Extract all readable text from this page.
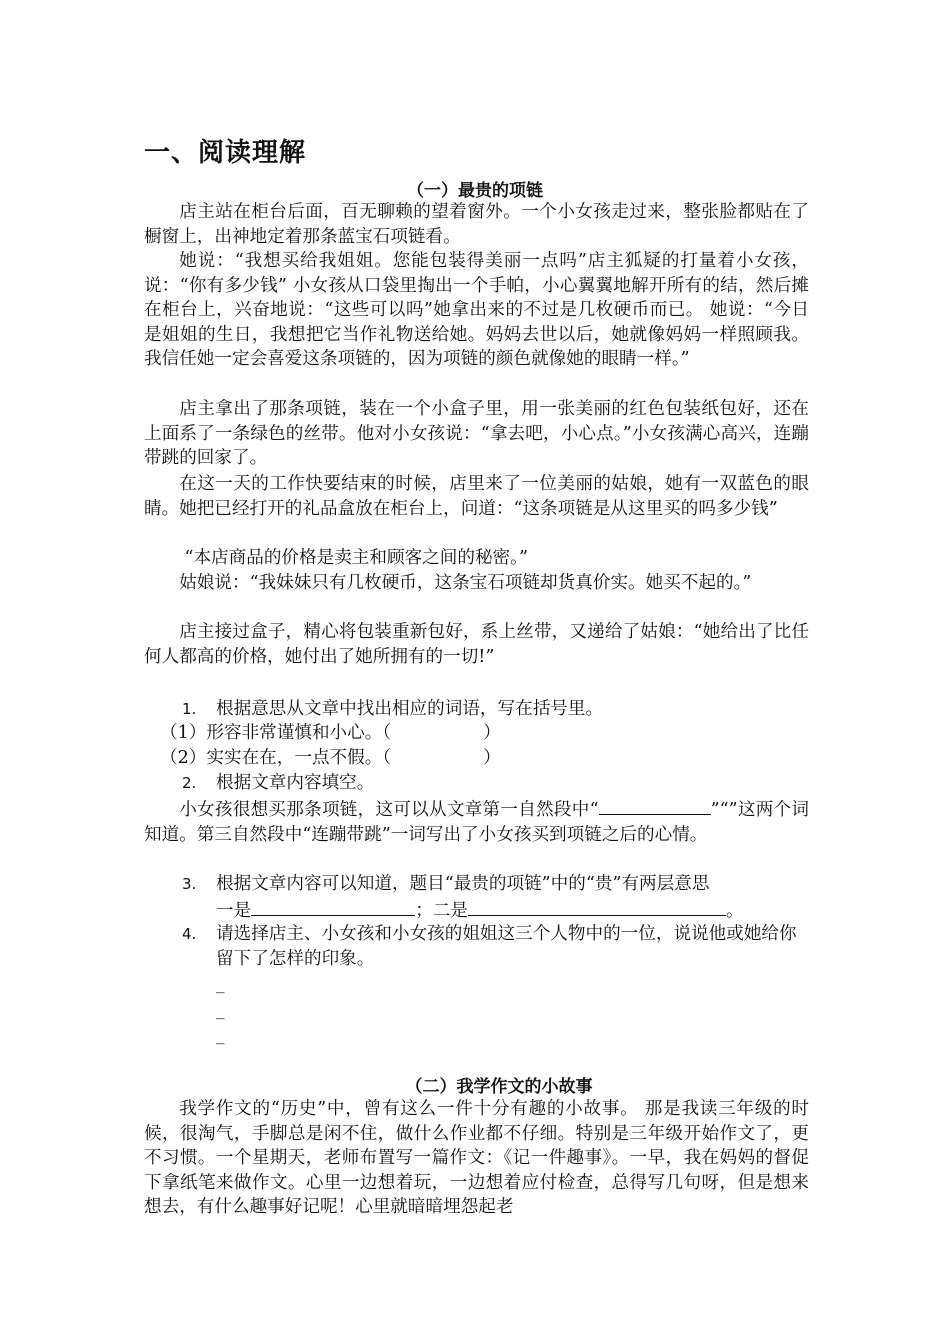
一、阅读理解
（一）最贵的项链
店主站在柜台后面，百无聊赖的望着窗外。一个小女孩走过来，整张脸都贴在了橱窗上，出神地定着那条蓝宝石项链看。
她说：“我想买给我姐姐。您能包装得美丽一点吗”店主狐疑的打量着小女孩，说：“你有多少钱” 小女孩从口袋里掏出一个手帕，小心翼翼地解开所有的结，然后摊在柜台上，兴奋地说：“这些可以吗”她拿出来的不过是几枚硬币而已。 她说：“今日是姐姐的生日，我想把它当作礼物送给她。妈妈去世以后，她就像妈妈一样照顾我。我信任她一定会喜爱这条项链的，因为项链的颜色就像她的眼睛一样。”
店主拿出了那条项链，装在一个小盒子里，用一张美丽的红色包装纸包好，还在上面系了一条绿色的丝带。他对小女孩说：“拿去吧，小心点。”小女孩满心高兴，连蹦带跳的回家了。
在这一天的工作快要结束的时候，店里来了一位美丽的姑娘，她有一双蓝色的眼睛。她把已经打开的礼品盒放在柜台上，问道：“这条项链是从这里买的吗多少钱”
“本店商品的价格是卖主和顾客之间的秘密。”
姑娘说：“我妹妹只有几枚硬币，这条宝石项链却货真价实。她买不起的。”
店主接过盒子，精心将包装重新包好，系上丝带，又递给了姑娘：“她给出了比任何人都高的价格，她付出了她所拥有的一切!”
1. 根据意思从文章中找出相应的词语，写在括号里。
（1）形容非常谨慎和小心。（	）
（2）实实在在，一点不假。（	）
2. 根据文章内容填空。
小女孩很想买那条项链，这可以从文章第一自然段中“	”“”这两个词知道。第三自然段中“连蹦带跳”一词写出了小女孩买到项链之后的心情。
3. 根据文章内容可以知道，题目“最贵的项链”中的“贵”有两层意思
一是	；二是	。
4. 请选择店主、小女孩和小女孩的姐姐这三个人物中的一位，说说他或她给你留下了怎样的印象。
_
_
_
（二）我学作文的小故事
我学作文的“历史”中，曾有这么一件十分有趣的小故事。 那是我读三年级的时候，很淘气，手脚总是闲不住，做什么作业都不仔细。特别是三年级开始作文了，更不习惯。一个星期天，老师布置写一篇作文：《记一件趣事》。一早，我在妈妈的督促下拿纸笔来做作文。心里一边想着玩，一边想着应付检查，总得写几句呀，但是想来想去，有什么趣事好记呢！心里就暗暗埋怨起老
